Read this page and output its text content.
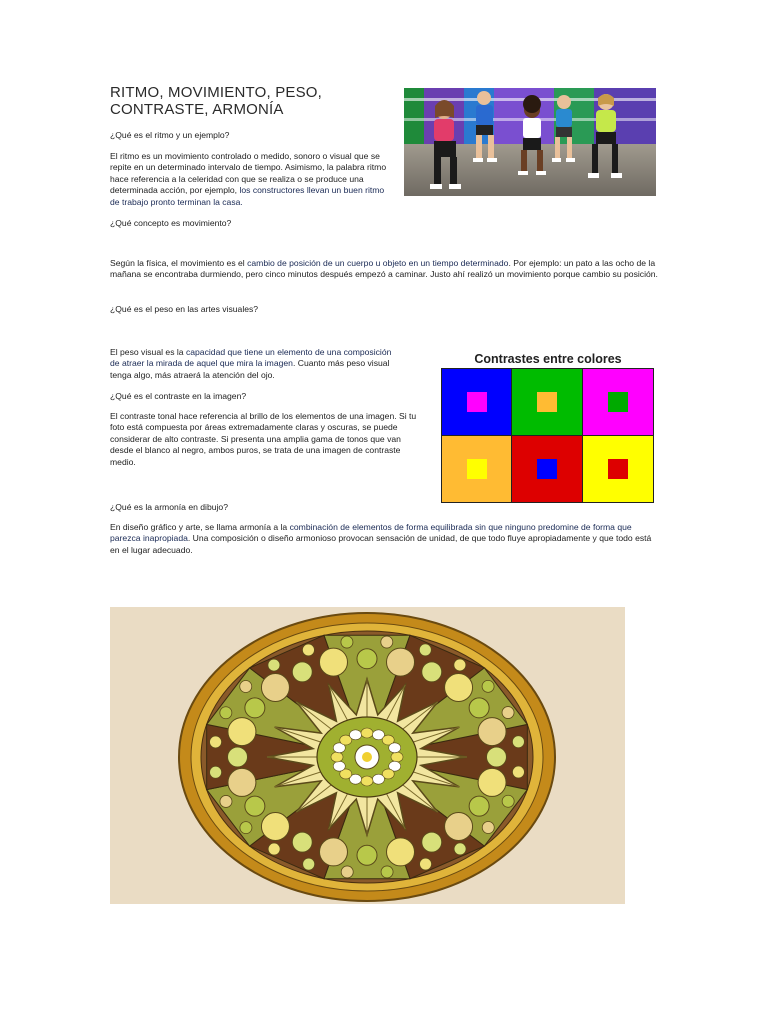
RITMO, MOVIMIENTO, PESO, CONTRASTE, ARMONÍA
¿Qué es el ritmo y un ejemplo?
El ritmo es un movimiento controlado o medido, sonoro o visual que se repite en un determinado intervalo de tiempo. Asimismo, la palabra ritmo hace referencia a la celeridad con que se realiza o se produce una determinada acción, por ejemplo, los constructores llevan un buen ritmo de trabajo pronto terminan la casa.
¿Qué concepto es movimiento?
Según la física, el movimiento es el cambio de posición de un cuerpo u objeto en un tiempo determinado. Por ejemplo: un pato a las ocho de la mañana se encontraba durmiendo, pero cinco minutos después empezó a caminar. Justo ahí realizó un movimiento porque cambio su posición.
¿Qué es el peso en las artes visuales?
El peso visual es la capacidad que tiene un elemento de una composición de atraer la mirada de aquel que mira la imagen. Cuanto más peso visual tenga algo, más atraerá la atención del ojo.
¿Qué es el contraste en la imagen?
El contraste tonal hace referencia al brillo de los elementos de una imagen. Si tu foto está compuesta por áreas extremadamente claras y oscuras, se puede considerar de alto contraste. Si presenta una amplia gama de tonos que van desde el blanco al negro, ambos puros, se trata de una imagen de contraste medio.
Contrastes entre colores
¿Qué es la armonía en dibujo?
En diseño gráfico y arte, se llama armonía a la combinación de elementos de forma equilibrada sin que ninguno predomine de forma que parezca inapropiada. Una composición o diseño armonioso provocan sensación de unidad, de que todo fluye apropiadamente y que todo está en el lugar adecuado.
